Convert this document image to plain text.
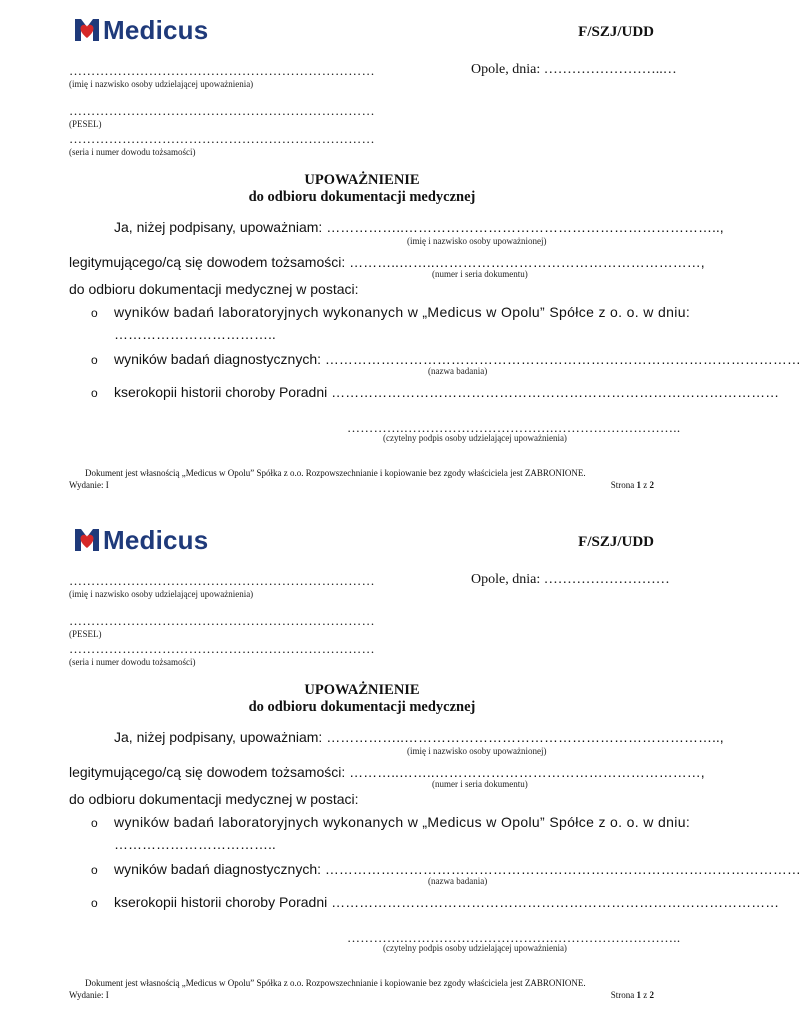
Medicus	F/SZJ/UDD
……………………………………………………………
(imię i nazwisko osoby udzielającej upoważnienia)
Opole, dnia: ……………………..…
……………………………………………………………
(PESEL)
……………………………………………………………
(seria i numer dowodu tożsamości)
UPOWAŻNIENIE
do odbioru dokumentacji medycznej
Ja, niżej podpisany, upoważniam: ……………..…………………………………………………………..,
(imię i nazwisko osoby upoważnionej)
legitymującego/cą się dowodem tożsamości: ………..……..…………………………………………………,
(numer i seria dokumentu)
do odbioru dokumentacji medycznej w postaci:
o wyników badań laboratoryjnych wykonanych w „Medicus w Opolu” Spółce z o. o. w dniu:
……………………………..
o wyników badań diagnostycznych: …………………………………………………………………………………………
(nazwa badania)
o kserokopii historii choroby Poradni ……………………………………………………………………………………
………….…………………………….………………………..
(czytelny podpis osoby udzielającej upoważnienia)
Dokument jest własnością „Medicus w Opolu” Spółka z o.o. Rozpowszechnianie i kopiowanie bez zgody właściciela jest ZABRONIONE.
Wydanie: I	Strona 1 z 2
Medicus	F/SZJ/UDD
……………………………………………………………
(imię i nazwisko osoby udzielającej upoważnienia)
Opole, dnia: ………………………
……………………………………………………………
(PESEL)
……………………………………………………………
(seria i numer dowodu tożsamości)
UPOWAŻNIENIE
do odbioru dokumentacji medycznej
Ja, niżej podpisany, upoważniam: ……………..…………………………………………………………..,
(imię i nazwisko osoby upoważnionej)
legitymującego/cą się dowodem tożsamości: ………..……..…………………………………………………,
(numer i seria dokumentu)
do odbioru dokumentacji medycznej w postaci:
o wyników badań laboratoryjnych wykonanych w „Medicus w Opolu” Spółce z o. o. w dniu:
……………………………..
o wyników badań diagnostycznych: …………………………………………………………………………………………
(nazwa badania)
o kserokopii historii choroby Poradni ……………………………………………………………………………………
………….…………………………….………………………..
(czytelny podpis osoby udzielającej upoważnienia)
Dokument jest własnością „Medicus w Opolu” Spółka z o.o. Rozpowszechnianie i kopiowanie bez zgody właściciela jest ZABRONIONE.
Wydanie: I	Strona 1 z 2
